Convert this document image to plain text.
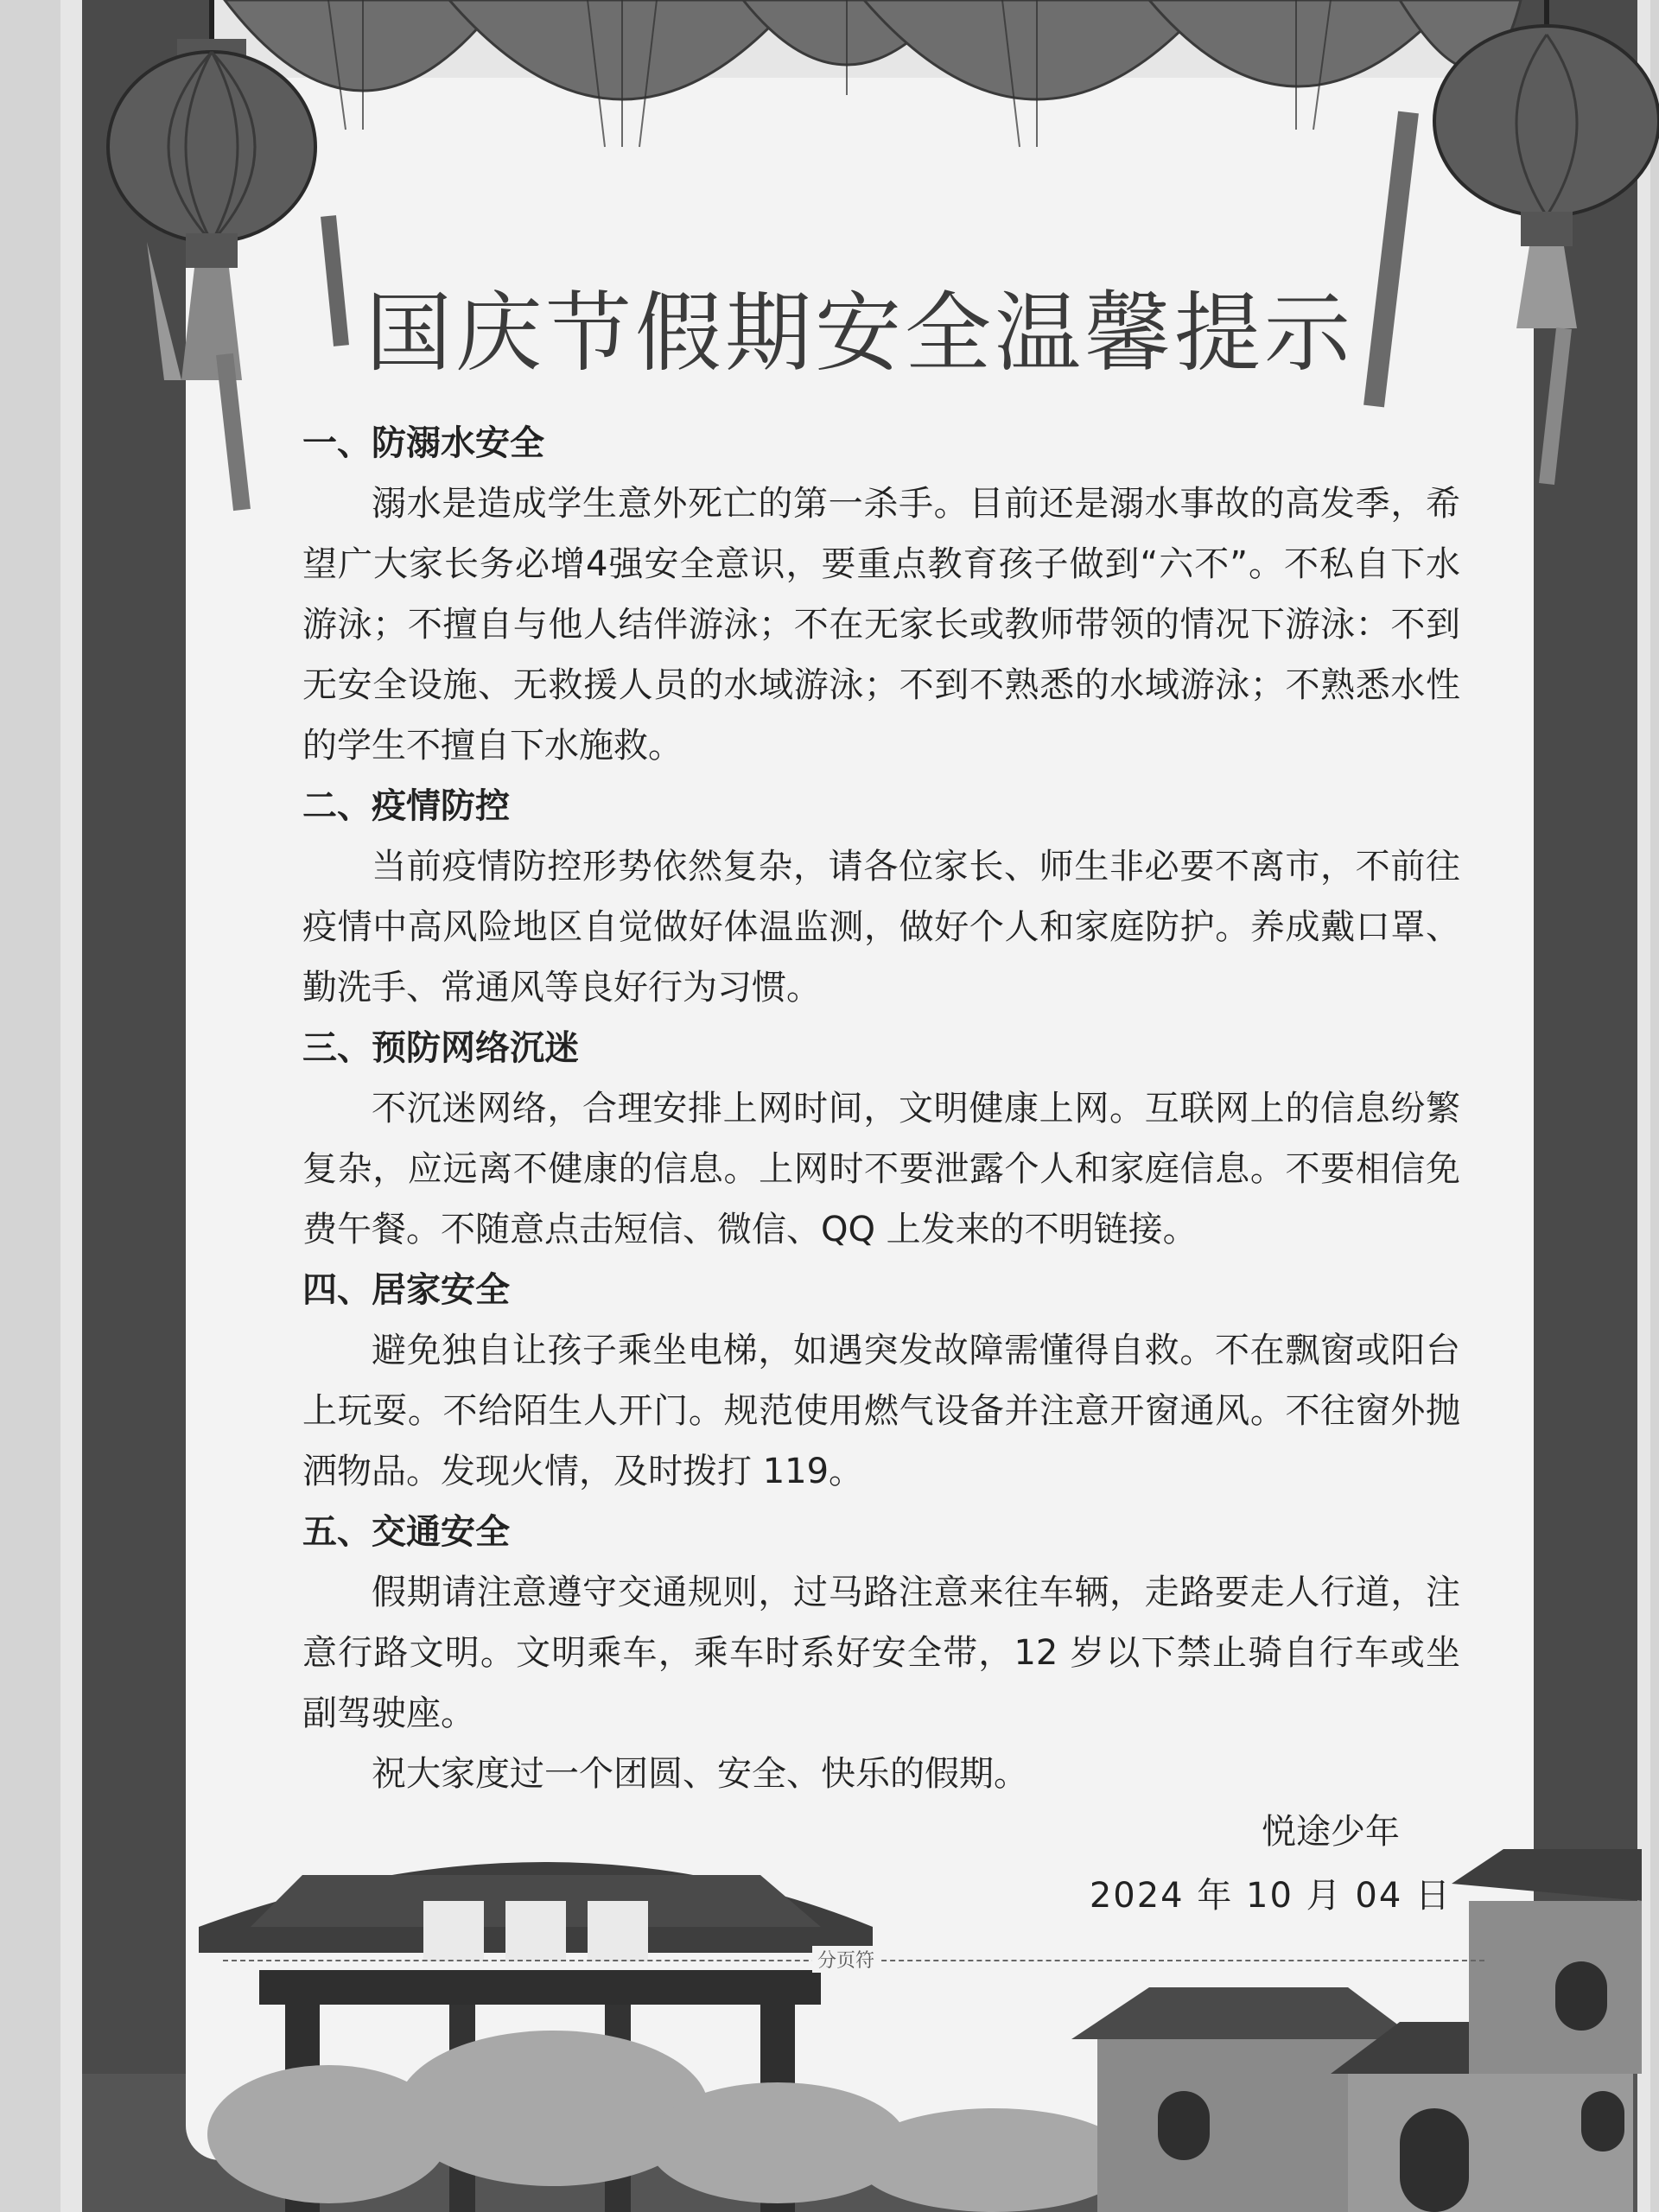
国庆节假期安全温馨提示

一、防溺水安全

溺水是造成学生意外死亡的第一杀手。目前还是溺水事故的高发季，希望广大家长务必增4强安全意识，要重点教育孩子做到“六不”。不私自下水游泳；不擅自与他人结伴游泳；不在无家长或教师带领的情况下游泳：不到无安全设施、无救援人员的水域游泳；不到不熟悉的水域游泳；不熟悉水性的学生不擅自下水施救。

二、疫情防控

当前疫情防控形势依然复杂，请各位家长、师生非必要不离市，不前往疫情中高风险地区自觉做好体温监测，做好个人和家庭防护。养成戴口罩、勤洗手、常通风等良好行为习惯。

三、预防网络沉迷

不沉迷网络，合理安排上网时间，文明健康上网。互联网上的信息纷繁复杂，应远离不健康的信息。上网时不要泄露个人和家庭信息。不要相信免费午餐。不随意点击短信、微信、QQ 上发来的不明链接。

四、居家安全

避免独自让孩子乘坐电梯，如遇突发故障需懂得自救。不在飘窗或阳台上玩耍。不给陌生人开门。规范使用燃气设备并注意开窗通风。不往窗外抛洒物品。发现火情，及时拨打 119。

五、交通安全

假期请注意遵守交通规则，过马路注意来往车辆，走路要走人行道，注意行路文明。文明乘车，乘车时系好安全带，12 岁以下禁止骑自行车或坐副驾驶座。

祝大家度过一个团圆、安全、快乐的假期。

悦途少年
2024 年 10 月 04 日
分页符
